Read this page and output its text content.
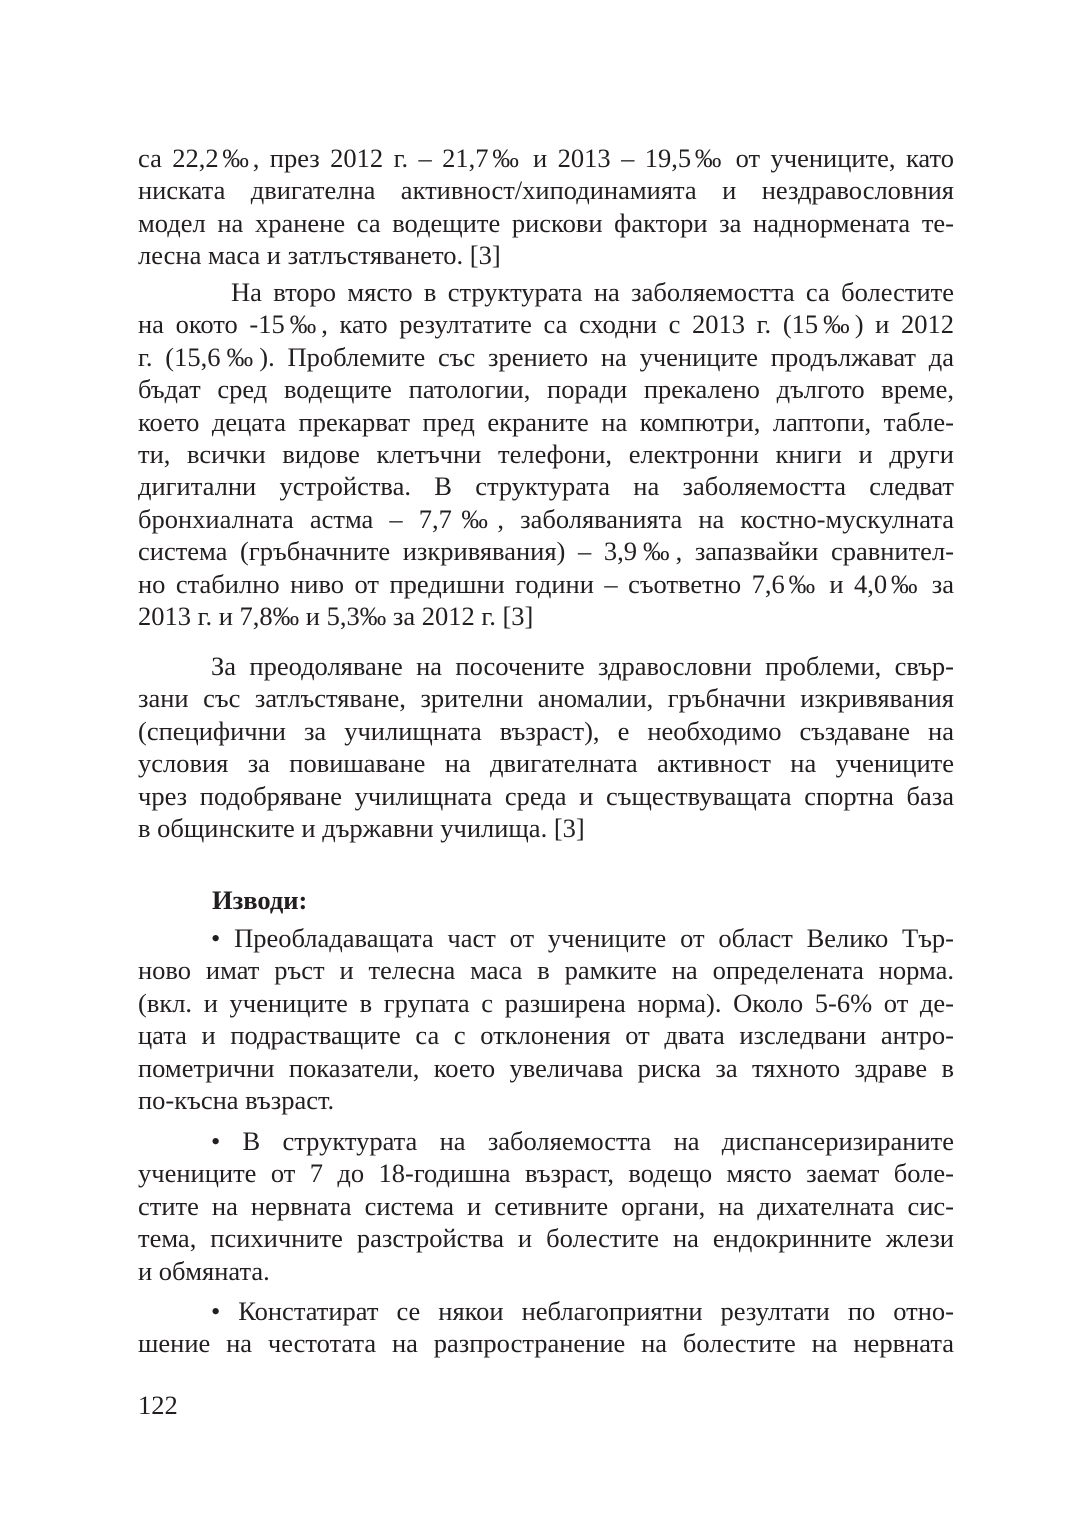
са 22,2‰, през 2012 г. – 21,7‰ и 2013 – 19,5‰ от учениците, като
ниската двигателна активност/хиподинамията и нездравословния
модел на хранене са водещите рискови фактори за наднормената те-
лесна маса и затлъстяването. [3]
На второ място в структурата на заболяемостта са болестите
на окото -15‰, като резултатите са сходни с 2013 г. (15‰) и 2012
г. (15,6‰). Проблемите със зрението на учениците продължават да
бъдат сред водещите патологии, поради прекалено дългото време,
което децата прекарват пред екраните на компютри, лаптопи, табле-
ти, всички видове клетъчни телефони, електронни книги и други
дигитални устройства. В структурата на заболяемостта следват
бронхиалната астма – 7,7‰, заболяванията на костно-мускулната
система (гръбначните изкривявания) – 3,9‰, запазвайки сравнител-
но стабилно ниво от предишни години – съответно 7,6‰ и 4,0‰ за
2013 г. и 7,8‰ и 5,3‰ за 2012 г. [3]
За преодоляване на посочените здравословни проблеми, свър-
зани със затлъстяване, зрителни аномалии, гръбначни изкривявания
(специфични за училищната възраст), е необходимо създаване на
условия за повишаване на двигателната активност на учениците
чрез подобряване училищната среда и съществуващата спортна база
в общинските и държавни училища. [3]
Изводи:
• Преобладаващата част от учениците от област Велико Тър-
ново имат ръст и телесна маса в рамките на определената норма.
(вкл. и учениците в групата с разширена норма). Около 5-6% от де-
цата и подрастващите са с отклонения от двата изследвани антро-
пометрични показатели, което увеличава риска за тяхното здраве в
по-късна възраст.
• В структурата на заболяемостта на диспансеризираните
учениците от 7 до 18-годишна възраст, водещо място заемат боле-
стите на нервната система и сетивните органи, на дихателната сис-
тема, психичните разстройства и болестите на ендокринните жлези
и обмяната.
• Констатират се някои неблагоприятни резултати по отно-
шение на честотата на разпространение на болестите на нервната
122
